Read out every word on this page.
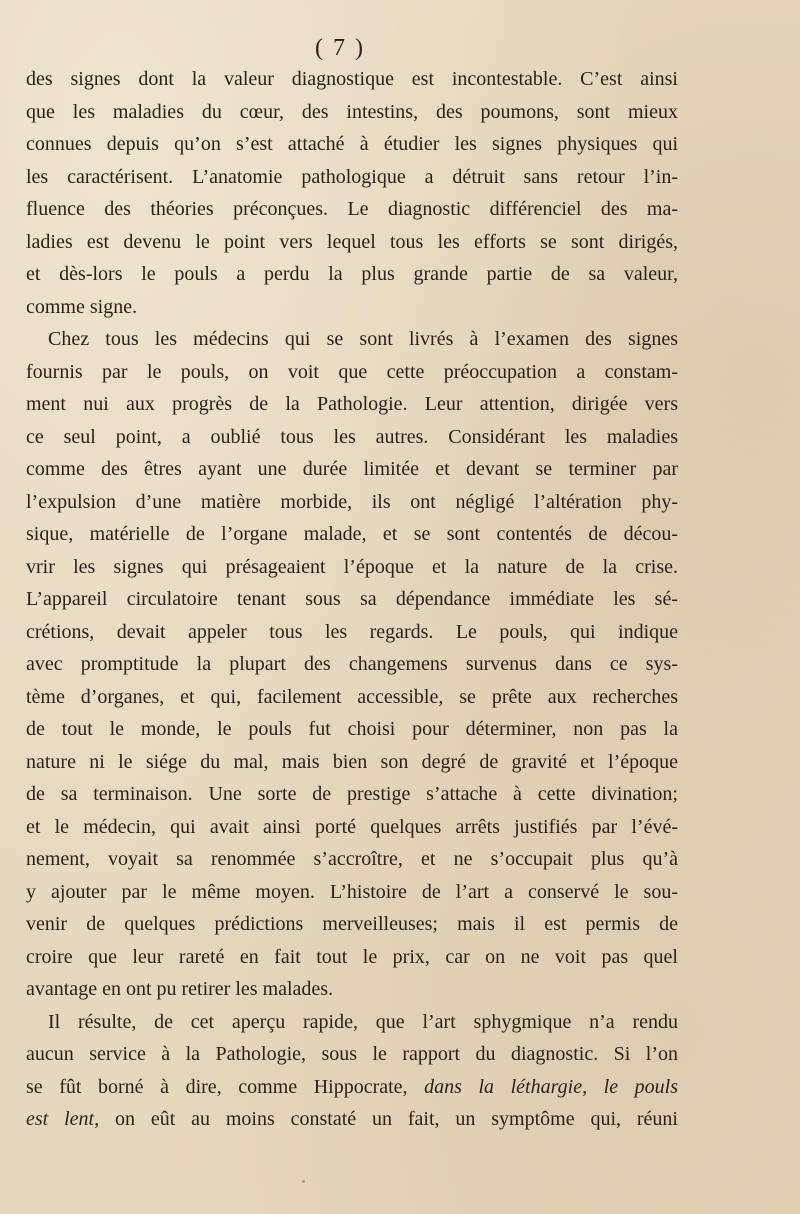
( 7 )
des signes dont la valeur diagnostique est incontestable. C’est ainsi
que les maladies du cœur, des intestins, des poumons, sont mieux
connues depuis qu’on s’est attaché à étudier les signes physiques qui
les caractérisent. L’anatomie pathologique a détruit sans retour l’in-
fluence des théories préconçues. Le diagnostic différenciel des ma-
ladies est devenu le point vers lequel tous les efforts se sont dirigés,
et dès-lors le pouls a perdu la plus grande partie de sa valeur,
comme signe.
Chez tous les médecins qui se sont livrés à l’examen des signes
fournis par le pouls, on voit que cette préoccupation a constam-
ment nui aux progrès de la Pathologie. Leur attention, dirigée vers
ce seul point, a oublié tous les autres. Considérant les maladies
comme des êtres ayant une durée limitée et devant se terminer par
l’expulsion d’une matière morbide, ils ont négligé l’altération phy-
sique, matérielle de l’organe malade, et se sont contentés de décou-
vrir les signes qui présageaient l’époque et la nature de la crise.
L’appareil circulatoire tenant sous sa dépendance immédiate les sé-
crétions, devait appeler tous les regards. Le pouls, qui indique
avec promptitude la plupart des changemens survenus dans ce sys-
tème d’organes, et qui, facilement accessible, se prête aux recherches
de tout le monde, le pouls fut choisi pour déterminer, non pas la
nature ni le siége du mal, mais bien son degré de gravité et l’époque
de sa terminaison. Une sorte de prestige s’attache à cette divination;
et le médecin, qui avait ainsi porté quelques arrêts justifiés par l’évé-
nement, voyait sa renommée s’accroître, et ne s’occupait plus qu’à
y ajouter par le même moyen. L’histoire de l’art a conservé le sou-
venir de quelques prédictions merveilleuses; mais il est permis de
croire que leur rareté en fait tout le prix, car on ne voit pas quel
avantage en ont pu retirer les malades.
Il résulte, de cet aperçu rapide, que l’art sphygmique n’a rendu
aucun service à la Pathologie, sous le rapport du diagnostic. Si l’on
se fût borné à dire, comme Hippocrate, dans la léthargie, le pouls
est lent, on eût au moins constaté un fait, un symptôme qui, réuni
